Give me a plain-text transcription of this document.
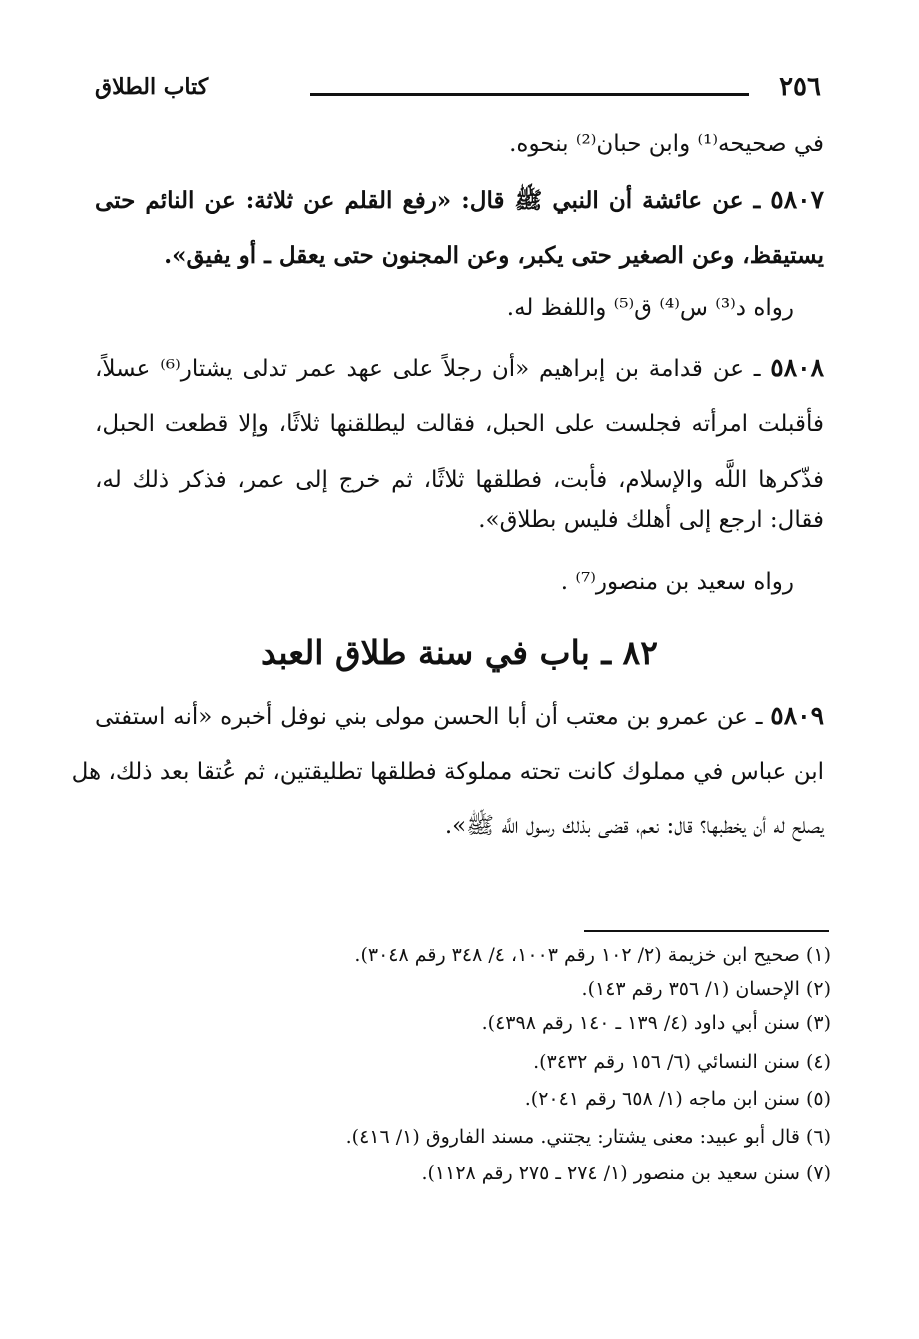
٢٥٦
كتاب الطلاق
في صحيحه⁽¹⁾ وابن حبان⁽²⁾ بنحوه.
٥٨٠٧ ـ عن عائشة أن النبي ﷺ قال: «رفع القلم عن ثلاثة: عن النائم حتى
يستيقظ، وعن الصغير حتى يكبر، وعن المجنون حتى يعقل ـ أو يفيق».
رواه د⁽³⁾ س⁽⁴⁾ ق⁽⁵⁾ واللفظ له.
٥٨٠٨ ـ عن قدامة بن إبراهيم «أن رجلاً على عهد عمر تدلى يشتار⁽⁶⁾ عسلاً،
فأقبلت امرأته فجلست على الحبل، فقالت ليطلقنها ثلاثًا، وإلا قطعت الحبل،
فذّكرها اللَّه والإسلام، فأبت، فطلقها ثلاثًا، ثم خرج إلى عمر، فذكر ذلك له،
فقال: ارجع إلى أهلك فليس بطلاق».
رواه سعيد بن منصور⁽⁷⁾ .
٨٢ ـ باب في سنة طلاق العبد
٥٨٠٩ ـ عن عمرو بن معتب أن أبا الحسن مولى بني نوفل أخبره «أنه استفتى
ابن عباس في مملوك كانت تحته مملوكة فطلقها تطليقتين، ثم عُتقا بعد ذلك، هل
يصلح له أن يخطبها؟ قال: نعم، قضى بذلك رسول اللَّه ﷺ».
(١) صحيح ابن خزيمة (٢/ ١٠٢ رقم ١٠٠٣، ٤/ ٣٤٨ رقم ٣٠٤٨).
(٢) الإحسان (١/ ٣٥٦ رقم ١٤٣).
(٣) سنن أبي داود (٤/ ١٣٩ ـ ١٤٠ رقم ٤٣٩٨).
(٤) سنن النسائي (٦/ ١٥٦ رقم ٣٤٣٢).
(٥) سنن ابن ماجه (١/ ٦٥٨ رقم ٢٠٤١).
(٦) قال أبو عبيد: معنى يشتار: يجتني. مسند الفاروق (١/ ٤١٦).
(٧) سنن سعيد بن منصور (١/ ٢٧٤ ـ ٢٧٥ رقم ١١٢٨).
